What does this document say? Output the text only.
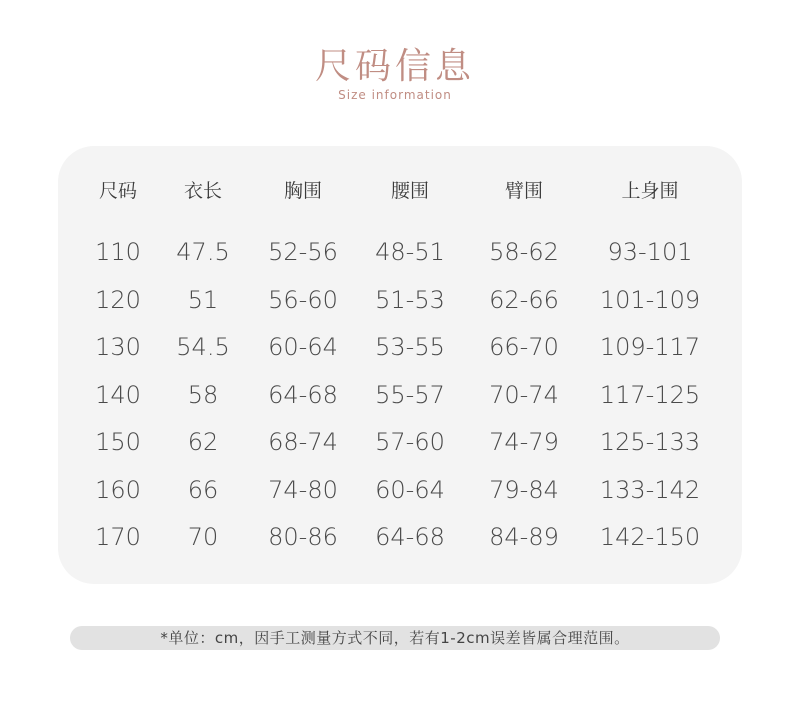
尺码信息
Size information
尺码 衣长	胸围	腰围	臂围	上身围
110 47.5 52-56 48-51 58-62 93-101
120 51 56-60 51-53 62-66 101-109
130 54.5 60-64 53-55 66-70 109-117
140 58 64-68 55-57 70-74 117-125
150 62 68-74 57-60 74-79 125-133
160 66 74-80 60-64 79-84 133-142
170 70 80-86 64-68 84-89 142-150
*单位：cm，因手工测量方式不同，若有1-2cm误差皆属合理范围。
